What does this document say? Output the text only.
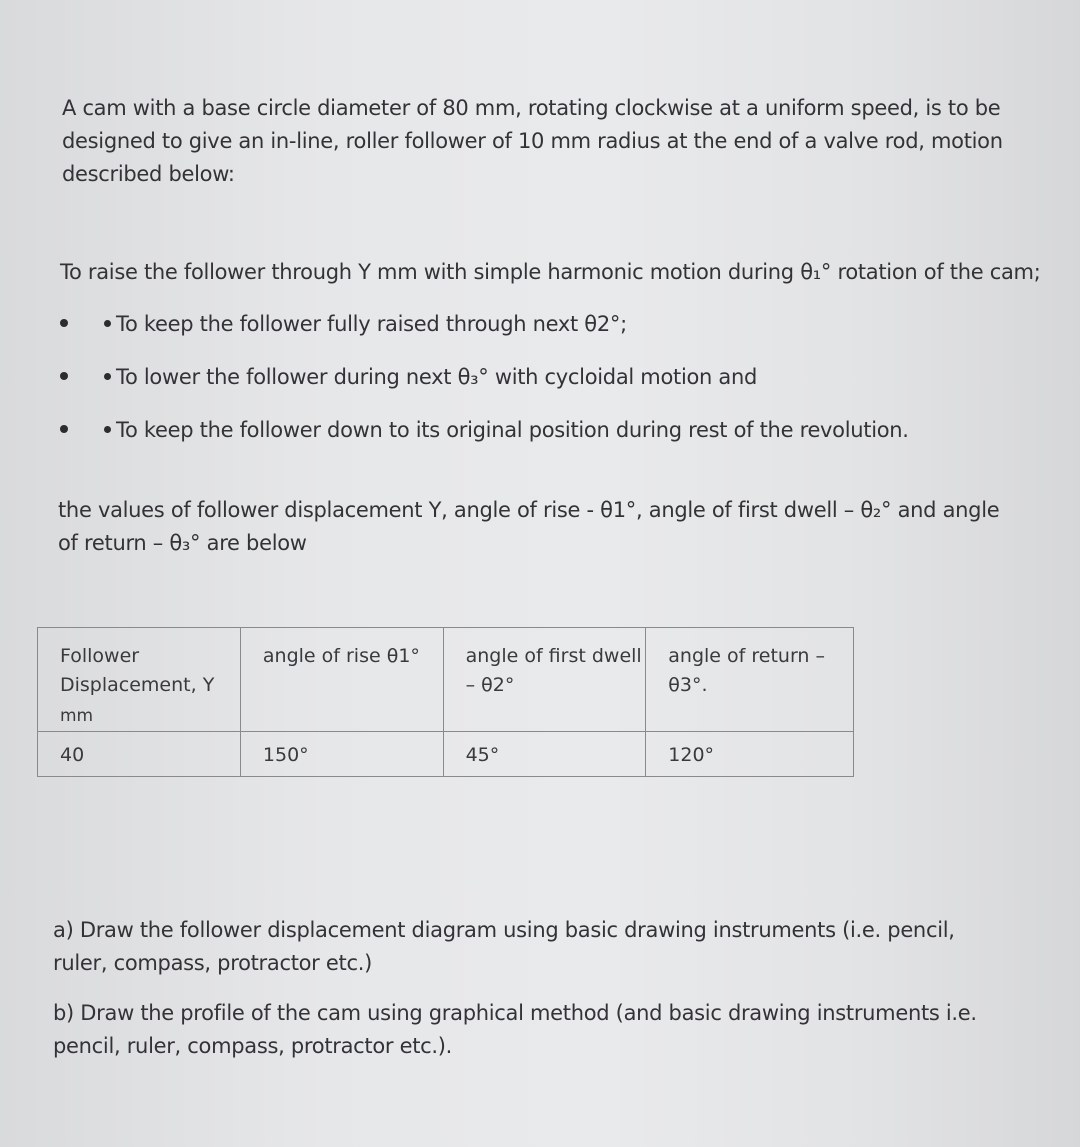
A cam with a base circle diameter of 80 mm, rotating clockwise at a uniform speed, is to be designed to give an in-line, roller follower of 10 mm radius at the end of a valve rod, motion described below:

To raise the follower through Y mm with simple harmonic motion during θ₁° rotation of the cam;

To keep the follower fully raised through next θ2°;
To lower the follower during next θ₃° with cycloidal motion and
To keep the follower down to its original position during rest of the revolution.

the values of follower displacement Y, angle of rise - θ1°, angle of first dwell – θ₂° and angle of return – θ₃° are below

Follower Displacement, Y
mm	angle of rise θ1°	angle of first dwell – θ2°	angle of return – θ3°.
40	150°	45°	120°

a) Draw the follower displacement diagram using basic drawing instruments (i.e. pencil, ruler, compass, protractor etc.)

b) Draw the profile of the cam using graphical method (and basic drawing instruments i.e. pencil, ruler, compass, protractor etc.).
